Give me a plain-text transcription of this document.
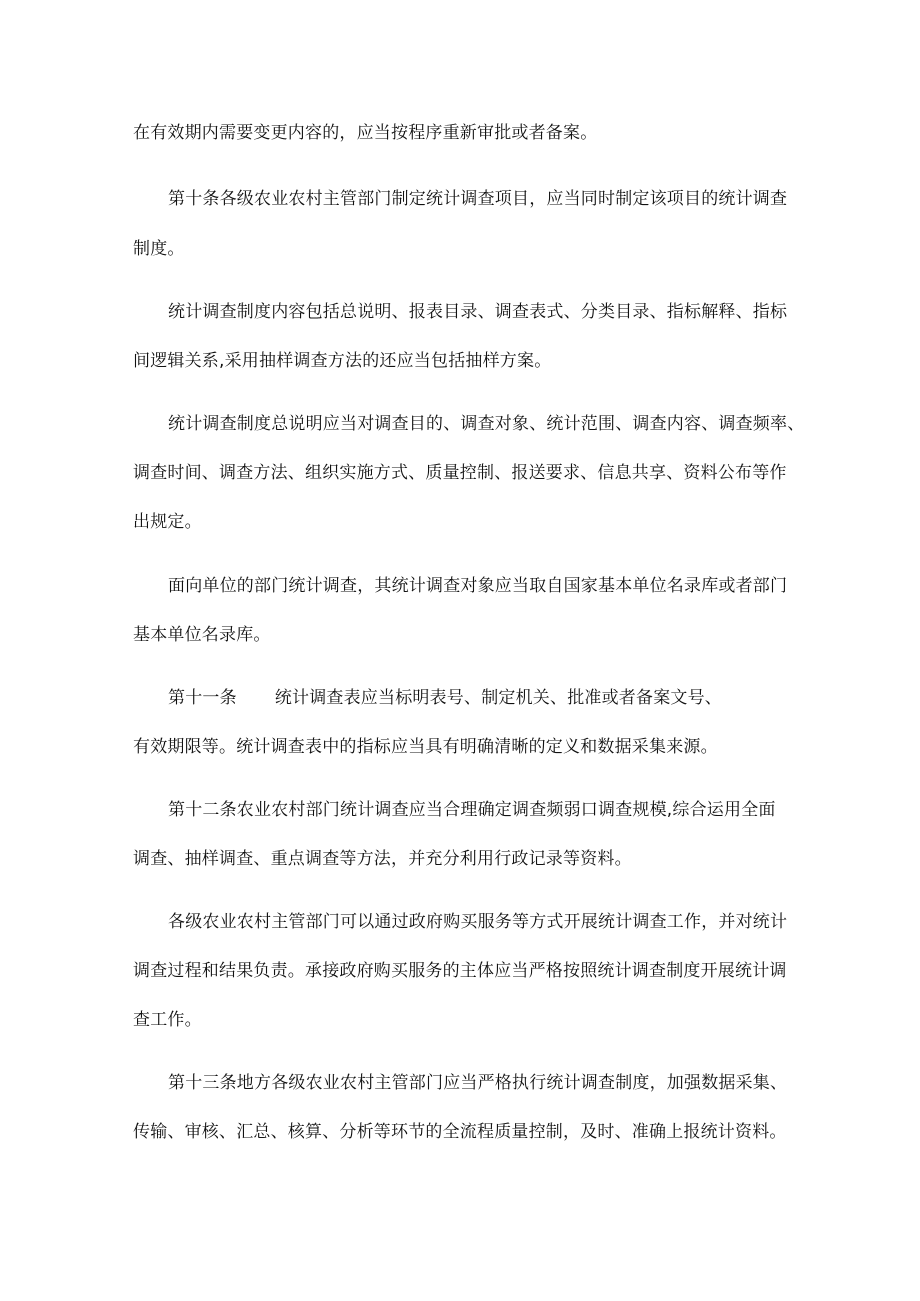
在有效期内需要变更内容的，应当按程序重新审批或者备案。
第十条各级农业农村主管部门制定统计调查项目，应当同时制定该项目的统计调查
制度。
统计调查制度内容包括总说明、报表目录、调查表式、分类目录、指标解释、指标
间逻辑关系,采用抽样调查方法的还应当包括抽样方案。
统计调查制度总说明应当对调查目的、调查对象、统计范围、调查内容、调查频率、
调查时间、调查方法、组织实施方式、质量控制、报送要求、信息共享、资料公布等作
出规定。
面向单位的部门统计调查，其统计调查对象应当取自国家基本单位名录库或者部门
基本单位名录库。
第十一条 统计调查表应当标明表号、制定机关、批准或者备案文号、
有效期限等。统计调查表中的指标应当具有明确清晰的定义和数据采集来源。
第十二条农业农村部门统计调查应当合理确定调查频弱口调查规模,综合运用全面
调查、抽样调查、重点调查等方法，并充分利用行政记录等资料。
各级农业农村主管部门可以通过政府购买服务等方式开展统计调查工作，并对统计
调查过程和结果负责。承接政府购买服务的主体应当严格按照统计调查制度开展统计调
查工作。
第十三条地方各级农业农村主管部门应当严格执行统计调查制度，加强数据采集、
传输、审核、汇总、核算、分析等环节的全流程质量控制，及时、准确上报统计资料。
